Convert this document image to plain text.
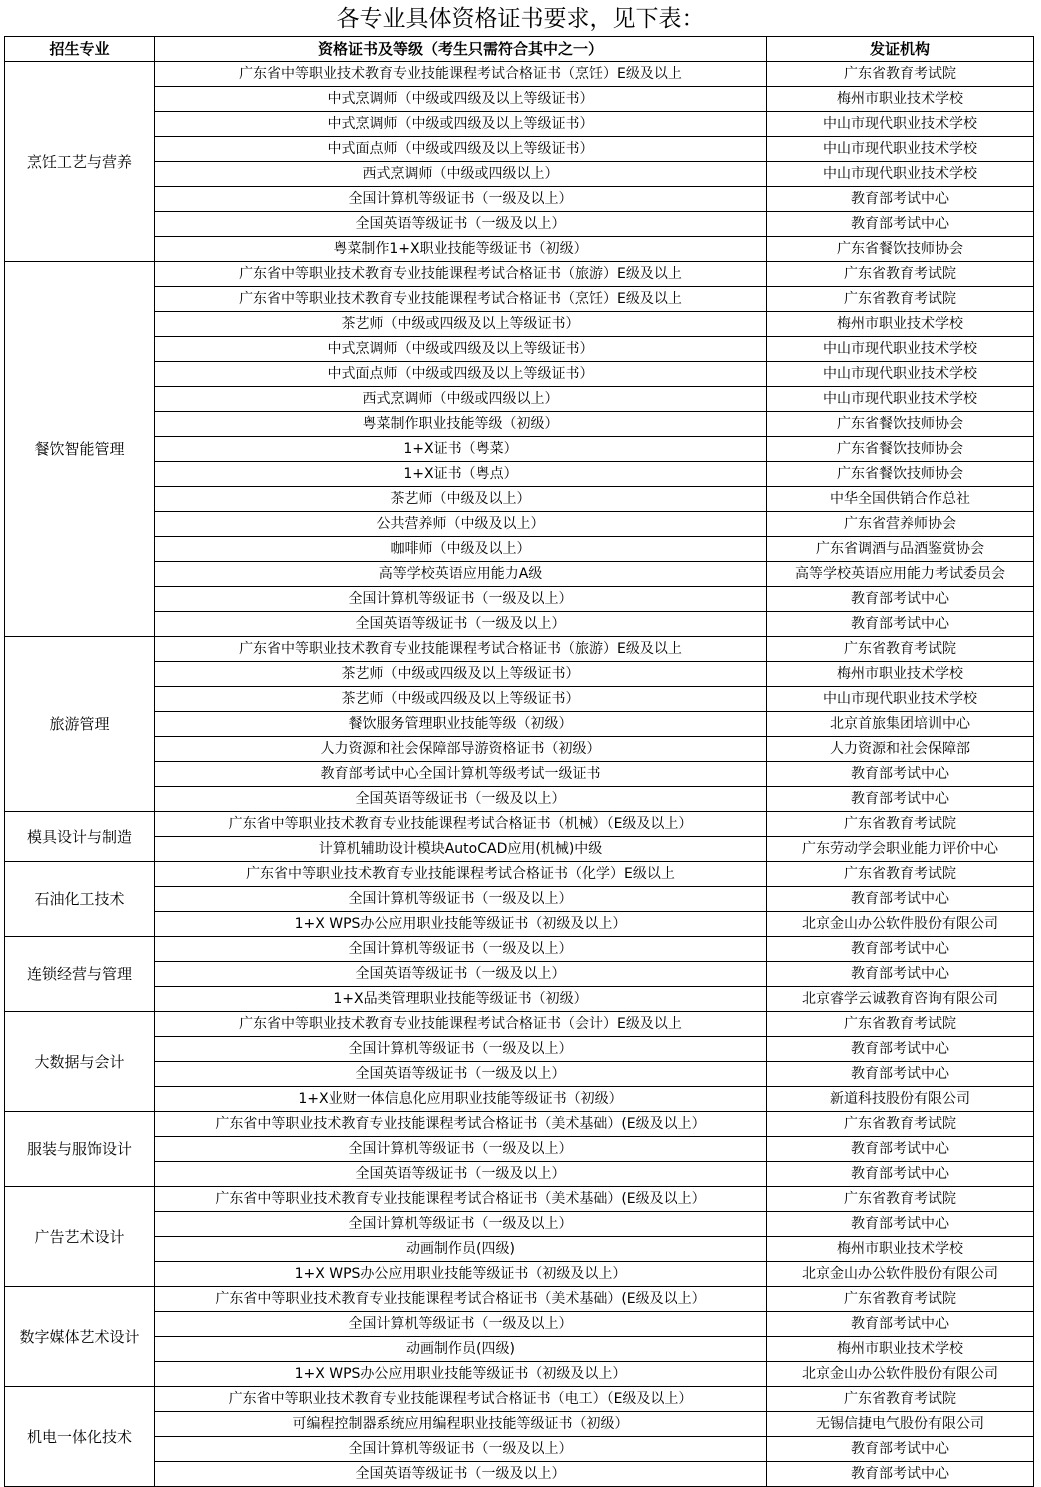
各专业具体资格证书要求，见下表：
招生专业	资格证书及等级（考生只需符合其中之一）	发证机构
烹饪工艺与营养	广东省中等职业技术教育专业技能课程考试合格证书（烹饪）E级及以上	广东省教育考试院
	中式烹调师（中级或四级及以上等级证书）	梅州市职业技术学校
	中式烹调师（中级或四级及以上等级证书）	中山市现代职业技术学校
	中式面点师（中级或四级及以上等级证书）	中山市现代职业技术学校
	西式烹调师（中级或四级以上）	中山市现代职业技术学校
	全国计算机等级证书（一级及以上）	教育部考试中心
	全国英语等级证书（一级及以上）	教育部考试中心
	粤菜制作1+X职业技能等级证书（初级）	广东省餐饮技师协会
餐饮智能管理	广东省中等职业技术教育专业技能课程考试合格证书（旅游）E级及以上	广东省教育考试院
	广东省中等职业技术教育专业技能课程考试合格证书（烹饪）E级及以上	广东省教育考试院
	茶艺师（中级或四级及以上等级证书）	梅州市职业技术学校
	中式烹调师（中级或四级及以上等级证书）	中山市现代职业技术学校
	中式面点师（中级或四级及以上等级证书）	中山市现代职业技术学校
	西式烹调师（中级或四级以上）	中山市现代职业技术学校
	粤菜制作职业技能等级（初级）	广东省餐饮技师协会
	1+X证书（粤菜）	广东省餐饮技师协会
	1+X证书（粤点）	广东省餐饮技师协会
	茶艺师（中级及以上）	中华全国供销合作总社
	公共营养师（中级及以上）	广东省营养师协会
	咖啡师（中级及以上）	广东省调酒与品酒鉴赏协会
	高等学校英语应用能力A级	高等学校英语应用能力考试委员会
	全国计算机等级证书（一级及以上）	教育部考试中心
	全国英语等级证书（一级及以上）	教育部考试中心
旅游管理	广东省中等职业技术教育专业技能课程考试合格证书（旅游）E级及以上	广东省教育考试院
	茶艺师（中级或四级及以上等级证书）	梅州市职业技术学校
	茶艺师（中级或四级及以上等级证书）	中山市现代职业技术学校
	餐饮服务管理职业技能等级（初级）	北京首旅集团培训中心
	人力资源和社会保障部导游资格证书（初级）	人力资源和社会保障部
	教育部考试中心全国计算机等级考试一级证书	教育部考试中心
	全国英语等级证书（一级及以上）	教育部考试中心
模具设计与制造	广东省中等职业技术教育专业技能课程考试合格证书（机械）（E级及以上）	广东省教育考试院
	计算机辅助设计模块AutoCAD应用(机械)中级	广东劳动学会职业能力评价中心
石油化工技术	广东省中等职业技术教育专业技能课程考试合格证书（化学）E级以上	广东省教育考试院
	全国计算机等级证书（一级及以上）	教育部考试中心
	1+X WPS办公应用职业技能等级证书（初级及以上）	北京金山办公软件股份有限公司
连锁经营与管理	全国计算机等级证书（一级及以上）	教育部考试中心
	全国英语等级证书（一级及以上）	教育部考试中心
	1+X品类管理职业技能等级证书（初级）	北京睿学云诚教育咨询有限公司
大数据与会计	广东省中等职业技术教育专业技能课程考试合格证书（会计）E级及以上	广东省教育考试院
	全国计算机等级证书（一级及以上）	教育部考试中心
	全国英语等级证书（一级及以上）	教育部考试中心
	1+X业财一体信息化应用职业技能等级证书（初级）	新道科技股份有限公司
服装与服饰设计	广东省中等职业技术教育专业技能课程考试合格证书（美术基础）(E级及以上）	广东省教育考试院
	全国计算机等级证书（一级及以上）	教育部考试中心
	全国英语等级证书（一级及以上）	教育部考试中心
广告艺术设计	广东省中等职业技术教育专业技能课程考试合格证书（美术基础）(E级及以上）	广东省教育考试院
	全国计算机等级证书（一级及以上）	教育部考试中心
	动画制作员(四级)	梅州市职业技术学校
	1+X WPS办公应用职业技能等级证书（初级及以上）	北京金山办公软件股份有限公司
数字媒体艺术设计	广东省中等职业技术教育专业技能课程考试合格证书（美术基础）(E级及以上）	广东省教育考试院
	全国计算机等级证书（一级及以上）	教育部考试中心
	动画制作员(四级)	梅州市职业技术学校
	1+X WPS办公应用职业技能等级证书（初级及以上）	北京金山办公软件股份有限公司
机电一体化技术	广东省中等职业技术教育专业技能课程考试合格证书（电工）（E级及以上）	广东省教育考试院
	可编程控制器系统应用编程职业技能等级证书（初级）	无锡信捷电气股份有限公司
	全国计算机等级证书（一级及以上）	教育部考试中心
	全国英语等级证书（一级及以上）	教育部考试中心
